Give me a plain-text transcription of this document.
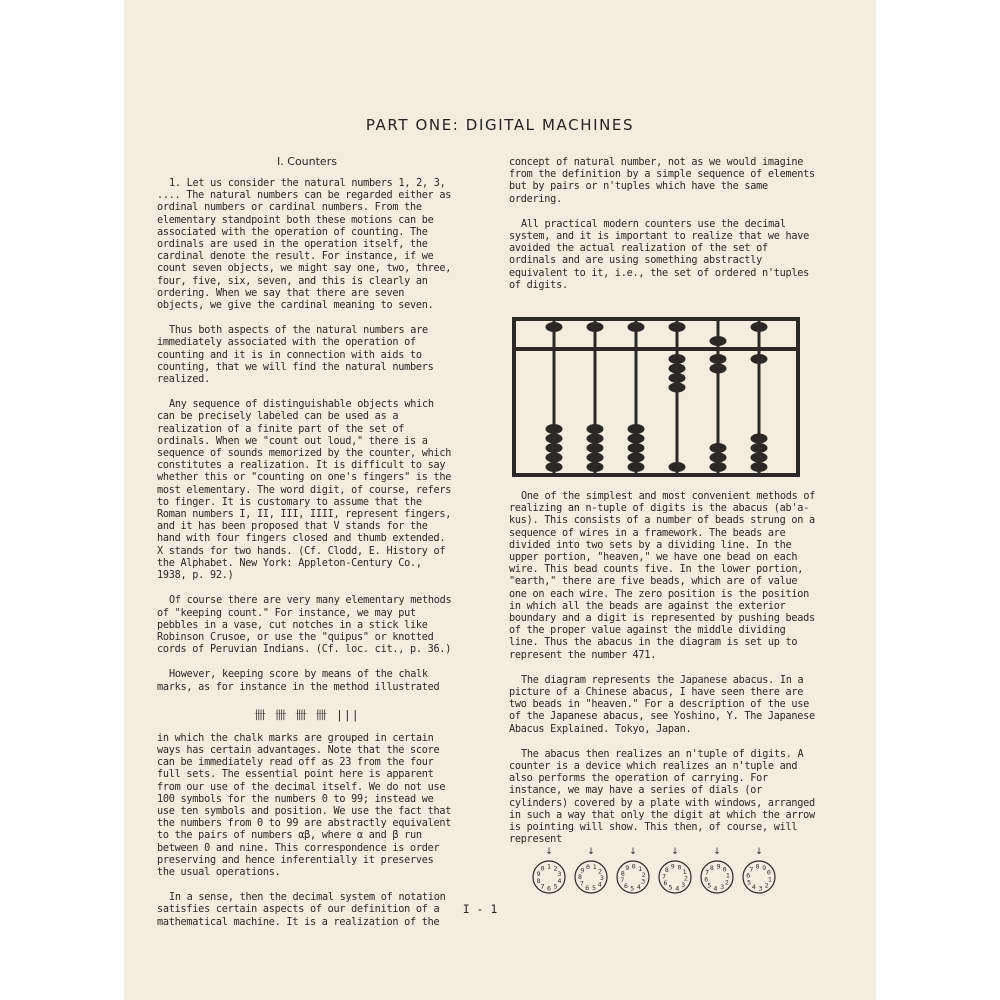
PART ONE: DIGITAL MACHINES
I. Counters

1. Let us consider the natural numbers 1, 2, 3, .... The natural numbers can be regarded either as ordinal numbers or cardinal numbers. From the elementary standpoint both these motions can be associated with the operation of counting. The ordinals are used in the operation itself, the cardinal denote the result. For instance, if we count seven objects, we might say one, two, three, four, five, six, seven, and this is clearly an ordering. When we say that there are seven objects, we give the cardinal meaning to seven.

Thus both aspects of the natural numbers are immediately associated with the operation of counting and it is in connection with aids to counting, that we will find the natural numbers realized.

Any sequence of distinguishable objects which can be precisely labeled can be used as a realization of a finite part of the set of ordinals. When we "count out loud," there is a sequence of sounds memorized by the counter, which constitutes a realization. It is difficult to say whether this or "counting on one's fingers" is the most elementary. The word digit, of course, refers to finger. It is customary to assume that the Roman numbers I, II, III, IIII, represent fingers, and it has been proposed that V stands for the hand with four fingers closed and thumb extended. X stands for two hands. (Cf. Clodd, E. History of the Alphabet. New York: Appleton-Century Co., 1938, p. 92.)

Of course there are very many elementary methods of "keeping count." For instance, we may put pebbles in a vase, cut notches in a stick like Robinson Crusoe, or use the "quipus" or knotted cords of Peruvian Indians. (Cf. loc. cit., p. 36.)

However, keeping score by means of the chalk marks, as for instance in the method illustrated

卌 卌 卌 卌 |||

in which the chalk marks are grouped in certain ways has certain advantages. Note that the score can be immediately read off as 23 from the four full sets. The essential point here is apparent from our use of the decimal itself. We do not use 100 symbols for the numbers 0 to 99; instead we use ten symbols and position. We use the fact that the numbers from 0 to 99 are abstractly equivalent to the pairs of numbers αβ, where α and β run between 0 and nine. This correspondence is order preserving and hence inferentially it preserves the usual operations.

In a sense, then the decimal system of notation satisfies certain aspects of our definition of a mathematical machine. It is a realization of the

concept of natural number, not as we would imagine from the definition by a simple sequence of elements but by pairs or n'tuples which have the same ordering.

All practical modern counters use the decimal system, and it is important to realize that we have avoided the actual realization of the set of ordinals and are using something abstractly equivalent to it, i.e., the set of ordered n'tuples of digits.

One of the simplest and most convenient methods of realizing an n-tuple of digits is the abacus (ab'a-kus). This consists of a number of beads strung on a sequence of wires in a framework. The beads are divided into two sets by a dividing line. In the upper portion, "heaven," we have one bead on each wire. This bead counts five. In the lower portion, "earth," there are five beads, which are of value one on each wire. The zero position is the position in which all the beads are against the exterior boundary and a digit is represented by pushing beads of the proper value against the middle dividing line. Thus the abacus in the diagram is set up to represent the number 471.

The diagram represents the Japanese abacus. In a picture of a Chinese abacus, I have seen there are two beads in "heaven." For a description of the use of the Japanese abacus, see Yoshino, Y. The Japanese Abacus Explained. Tokyo, Japan.

The abacus then realizes an n'tuple of digits. A counter is a device which realizes an n'tuple and also performs the operation of carrying. For instance, we may have a series of dials (or cylinders) covered by a plate with windows, arranged in such a way that only the digit at which the arrow is pointing will show. This then, of course, will represent

↓
1 2
3
4
5
6
7
8
9
0
↓
1
2
3
4
5
6
7
8
9 0
↓
1
2
3
4
5
6
7
8
9 0
↓
1
2
3
4
5
6
7
8 9 0
↓
1
2
3
4
5
6
7
8 9 0
↓
1
2
3
4
5
6
7 8 9
0
I - 1
